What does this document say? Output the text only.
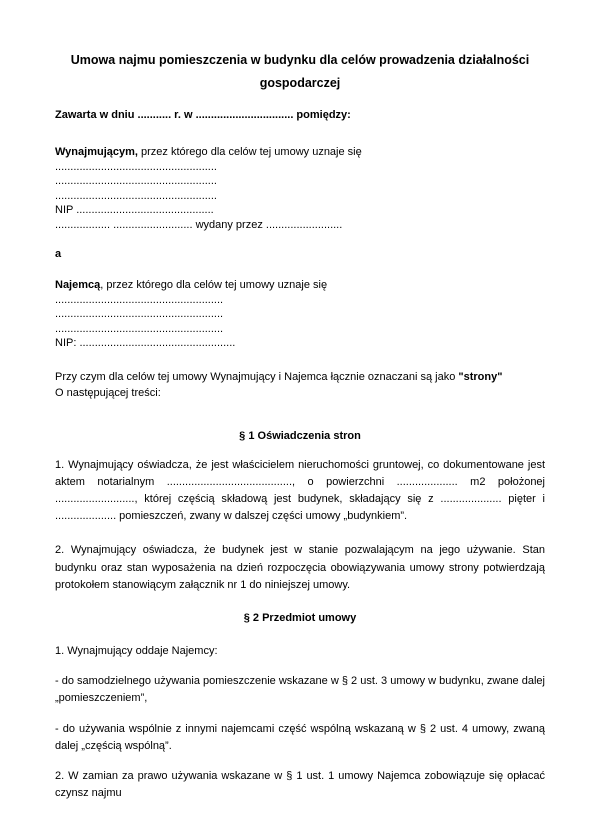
Umowa najmu pomieszczenia w budynku dla celów prowadzenia działalności gospodarczej

Zawarta w dniu ........... r. w ................................ pomiędzy:

Wynajmującym, przez którego dla celów tej umowy uznaje się

.....................................................

.....................................................

.....................................................

NIP .............................................

.................. .......................... wydany przez .........................

a

Najemcą, przez którego dla celów tej umowy uznaje się

.......................................................

.......................................................

.......................................................

NIP: ...................................................

Przy czym dla celów tej umowy Wynajmujący i Najemca łącznie oznaczani są jako "strony"

O następującej treści:

§ 1 Oświadczenia stron

1. Wynajmujący oświadcza, że jest właścicielem nieruchomości gruntowej, co dokumentowane jest aktem notarialnym ........................................., o powierzchni .................... m2 położonej .........................., której częścią składową jest budynek, składający się z .................... pięter i .................... pomieszczeń, zwany w dalszej części umowy „budynkiem”.

2. Wynajmujący oświadcza, że budynek jest w stanie pozwalającym na jego używanie. Stan budynku oraz stan wyposażenia na dzień rozpoczęcia obowiązywania umowy strony potwierdzają protokołem stanowiącym załącznik nr 1 do niniejszej umowy.

§ 2 Przedmiot umowy

1. Wynajmujący oddaje Najemcy:

- do samodzielnego używania pomieszczenie wskazane w § 2 ust. 3 umowy w budynku, zwane dalej „pomieszczeniem”,

- do używania wspólnie z innymi najemcami część wspólną wskazaną w § 2 ust. 4 umowy, zwaną dalej „częścią wspólną”.

2. W zamian za prawo używania wskazane w § 1 ust. 1 umowy Najemca zobowiązuje się opłacać czynsz najmu
